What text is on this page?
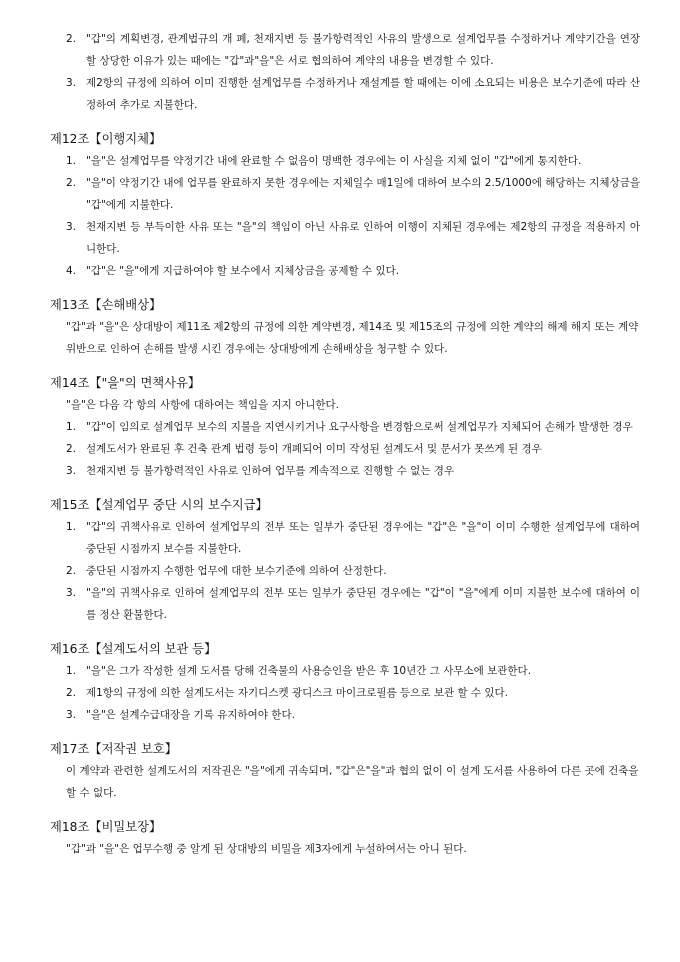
2. "갑"의 계획변경, 관계법규의 개 폐, 천재지변 등 불가항력적인 사유의 발생으로 설계업무를 수정하거나 계약기간을 연장할 상당한 이유가 있는 때에는 "갑"과"을"은 서로 협의하여 계약의 내용을 변경할 수 있다.
3. 제2항의 규정에 의하여 이미 진행한 설계업무를 수정하거나 재설계를 할 때에는 이에 소요되는 비용은 보수기준에 따라 산정하여 추가로 지불한다.
제12조【이행지체】
1. "을"은 설계업무를 약정기간 내에 완료할 수 없음이 명백한 경우에는 이 사실을 지체 없이 "갑"에게 통지한다.
2. "을"이 약정기간 내에 업무를 완료하지 못한 경우에는 지체일수 매1일에 대하여 보수의 2.5/1000에 해당하는 지체상금을 "갑"에게 지불한다.
3. 천재지변 등 부득이한 사유 또는 "을"의 책임이 아닌 사유로 인하여 이행이 지체된 경우에는 제2항의 규정을 적용하지 아니한다.
4. "갑"은 "을"에게 지급하여야 할 보수에서 지체상금을 공제할 수 있다.
제13조【손해배상】

"갑"과 "을"은 상대방이 제11조 제2항의 규정에 의한 계약변경, 제14조 및 제15조의 규정에 의한 계약의 해제 해지 또는 계약 위반으로 인하여 손해를 발생 시킨 경우에는 상대방에게 손해배상을 청구할 수 있다.

제14조【"을"의 면책사유】
"을"은 다음 각 항의 사항에 대하여는 책임을 지지 아니한다.
1. "갑"이 임의로 설계업무 보수의 지불을 지연시키거나 요구사항을 변경함으로써 설계업무가 지체되어 손해가 발생한 경우
2. 설계도서가 완료된 후 건축 관계 법령 등이 개폐되어 이미 작성된 설계도서 및 문서가 못쓰게 된 경우
3. 천재지변 등 불가항력적인 사유로 인하여 업무를 계속적으로 진행할 수 없는 경우
제15조【설계업무 중단 시의 보수지급】
1. "갑"의 귀책사유로 인하여 설계업무의 전부 또는 일부가 중단된 경우에는 "갑"은 "을"이 이미 수행한 설계업무에 대하여 중단된 시점까지 보수를 지불한다.
2. 중단된 시점까지 수행한 업무에 대한 보수기준에 의하여 산정한다.
3. "을"의 귀책사유로 인하여 설계업무의 전부 또는 일부가 중단된 경우에는 "갑"이 "을"에게 이미 지불한 보수에 대하여 이를 정산 환불한다.
제16조【설계도서의 보관 등】
1. "을"은 그가 작성한 설계 도서를 당해 건축물의 사용승인을 받은 후 10년간 그 사무소에 보관한다.
2. 제1항의 규정에 의한 설계도서는 자기디스켓 광디스크 마이크로필름 등으로 보관 할 수 있다.
3. "을"은 설계수급대장을 기록 유지하여야 한다.
제17조【저작권 보호】

이 계약과 관련한 설계도서의 저작권은 "을"에게 귀속되며, "갑"은"을"과 협의 없이 이 설계 도서를 사용하여 다른 곳에 건축을 할 수 없다.

제18조【비밀보장】

"갑"과 "을"은 업무수행 중 알게 된 상대방의 비밀을 제3자에게 누설하여서는 아니 된다.
